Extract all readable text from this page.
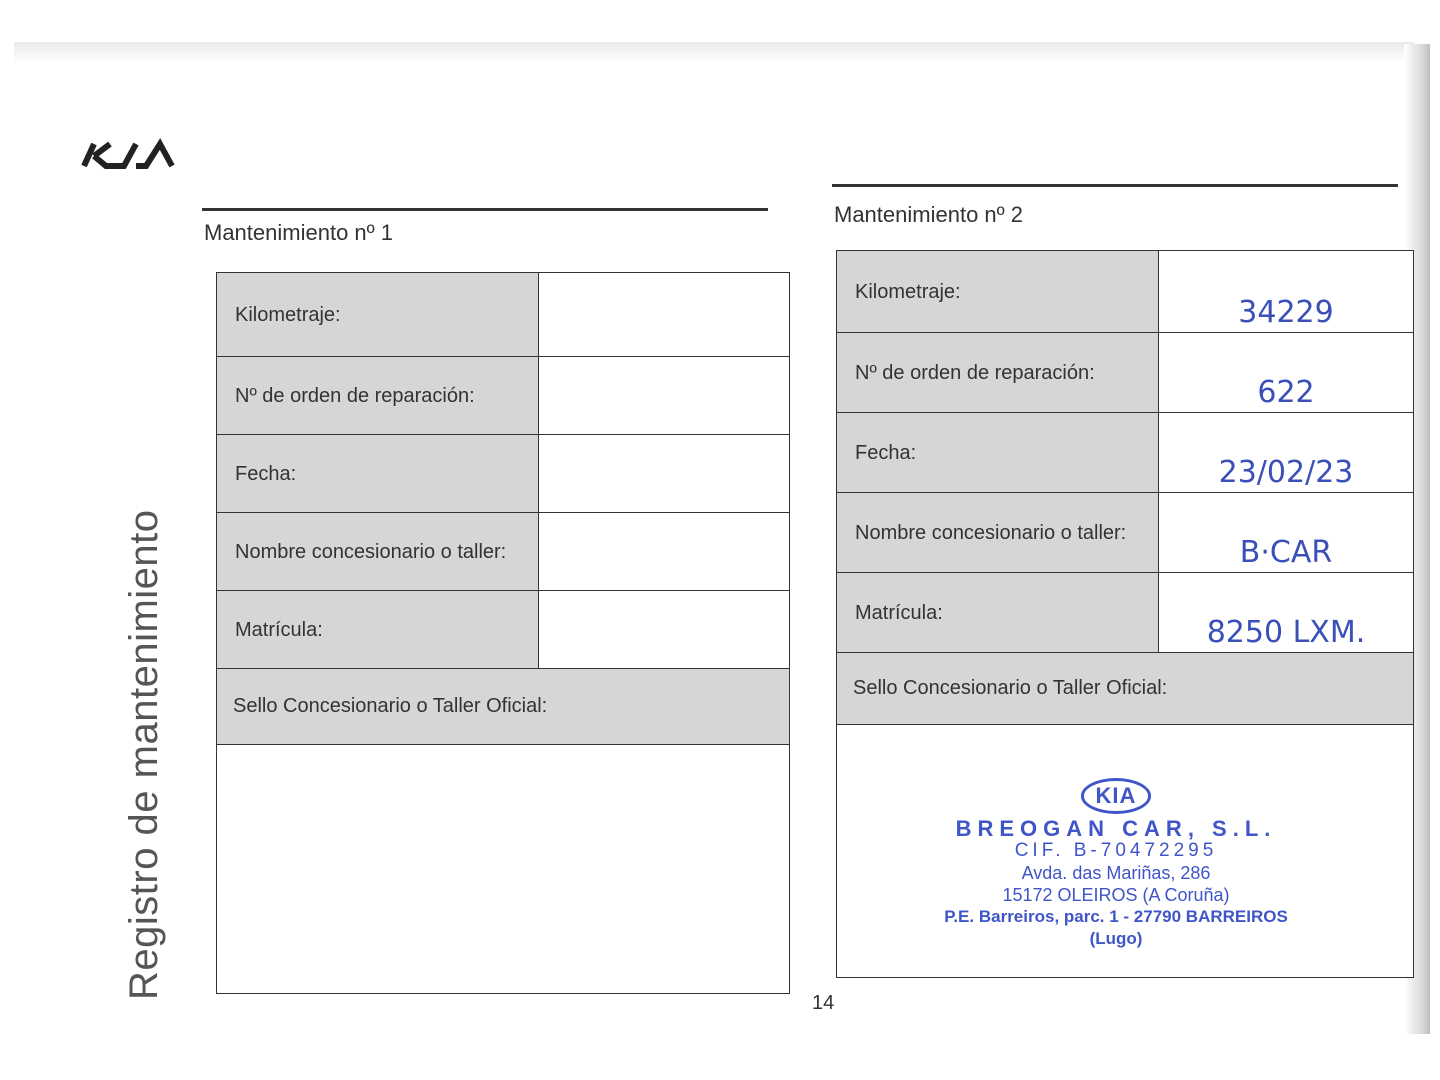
Registro de mantenimiento
Mantenimiento nº 1
Kilometraje:
Nº de orden de reparación:
Fecha:
Nombre concesionario o taller:
Matrícula:
Sello Concesionario o Taller Oficial:
Mantenimiento nº 2
Kilometraje:
34229
Nº de orden de reparación:
622
Fecha:
23/02/23
Nombre concesionario o taller:
B·CAR
Matrícula:
8250 LXM.
Sello Concesionario o Taller Oficial:
KIA
BREOGAN CAR, S.L.
CIF. B-70472295
Avda. das Mariñas, 286
15172 OLEIROS (A Coruña)
P.E. Barreiros, parc. 1 - 27790 BARREIROS (Lugo)
14
